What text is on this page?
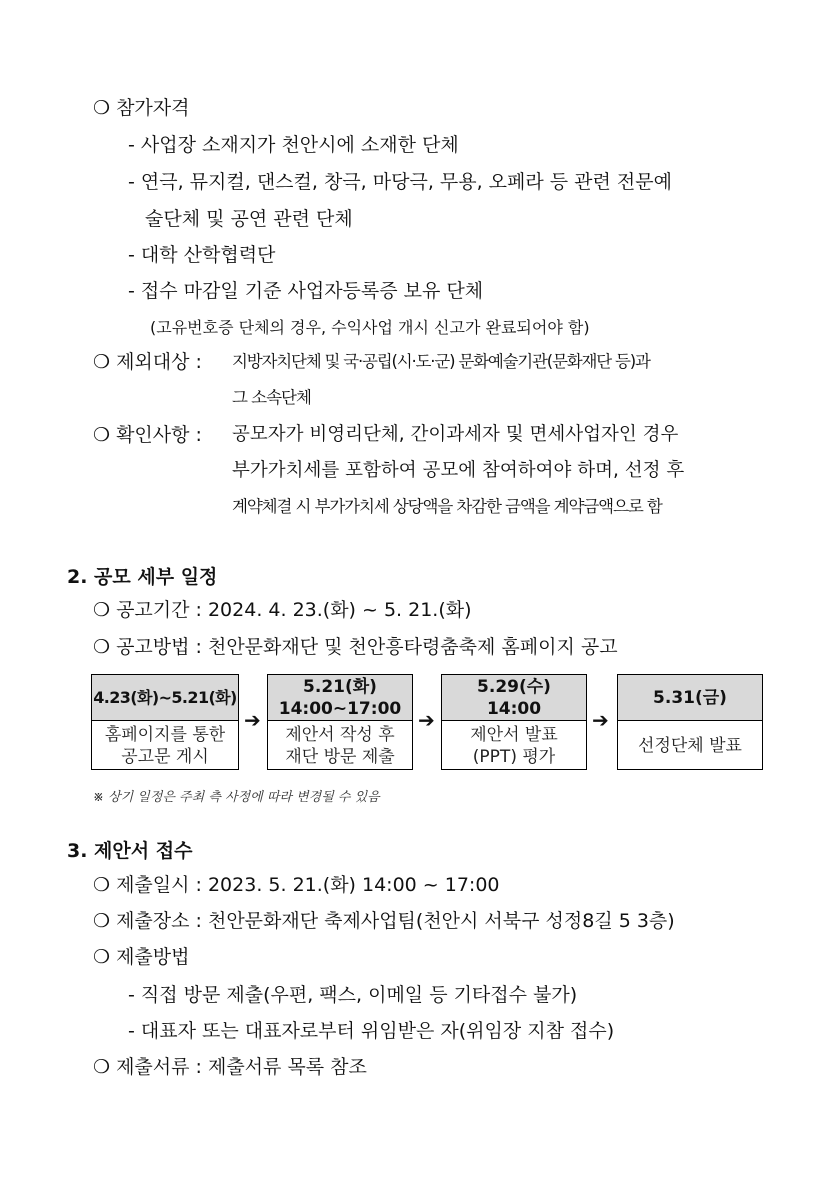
❍ 참가자격
- 사업장 소재지가 천안시에 소재한 단체
- 연극, 뮤지컬, 댄스컬, 창극, 마당극, 무용, 오페라 등 관련 전문예
술단체 및 공연 관련 단체
- 대학 산학협력단
- 접수 마감일 기준 사업자등록증 보유 단체
(고유번호증 단체의 경우, 수익사업 개시 신고가 완료되어야 함)
❍ 제외대상 : 지방자치단체 및 국·공립(시·도·군) 문화예술기관(문화재단 등)과
그 소속단체
❍ 확인사항 : 공모자가 비영리단체, 간이과세자 및 면세사업자인 경우
부가가치세를 포함하여 공모에 참여하여야 하며, 선정 후
계약체결 시 부가가치세 상당액을 차감한 금액을 계약금액으로 함
2. 공모 세부 일정
❍ 공고기간 : 2024. 4. 23.(화) ~ 5. 21.(화)
❍ 공고방법 : 천안문화재단 및 천안흥타령춤축제 홈페이지 공고
4.23(화)~5.21(화)
홈페이지를 통한
공고문 게시
➔
5.21(화)
14:00~17:00
제안서 작성 후
재단 방문 제출
➔
5.29(수)
14:00
제안서 발표
(PPT) 평가
➔
5.31(금)
선정단체 발표
※ 상기 일정은 주최 측 사정에 따라 변경될 수 있음
3. 제안서 접수
❍ 제출일시 : 2023. 5. 21.(화) 14:00 ~ 17:00
❍ 제출장소 : 천안문화재단 축제사업팀(천안시 서북구 성정8길 5 3층)
❍ 제출방법
- 직접 방문 제출(우편, 팩스, 이메일 등 기타접수 불가)
- 대표자 또는 대표자로부터 위임받은 자(위임장 지참 접수)
❍ 제출서류 : 제출서류 목록 참조
